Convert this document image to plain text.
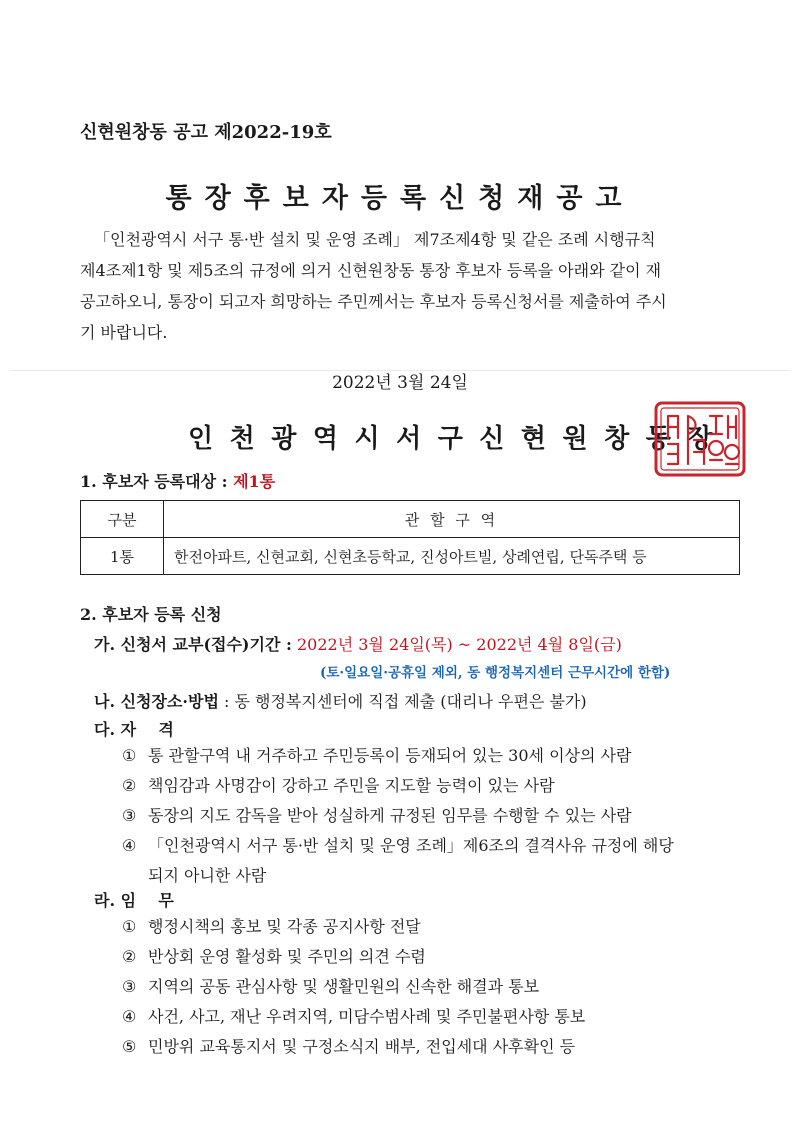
신현원창동 공고 제2022-19호
통장후보자등록신청재공고

「인천광역시 서구 통·반 설치 및 운영 조례」 제7조제4항 및 같은 조례 시행규칙

제4조제1항 및 제5조의 규정에 의거 신현원창동 통장 후보자 등록을 아래와 같이 재

공고하오니, 통장이 되고자 희망하는 주민께서는 후보자 등록신청서를 제출하여 주시

기 바랍니다.

2022년 3월 24일
인천광역시서구신현원창동장
1. 후보자 등록대상 : 제1통
구분	관 할 구 역
1통	한전아파트, 신현교회, 신현초등학교, 진성아트빌, 상례연립, 단독주택 등
2. 후보자 등록 신청
가. 신청서 교부(접수)기간 : 2022년 3월 24일(목) ~ 2022년 4월 8일(금)
(토·일요일·공휴일 제외, 동 행정복지센터 근무시간에 한함)
나. 신청장소·방법 : 동 행정복지센터에 직접 제출 (대리나 우편은 불가)
다. 자    격
① 통 관할구역 내 거주하고 주민등록이 등재되어 있는 30세 이상의 사람
② 책임감과 사명감이 강하고 주민을 지도할 능력이 있는 사람
③ 동장의 지도 감독을 받아 성실하게 규정된 임무를 수행할 수 있는 사람
④ 「인천광역시 서구 통·반 설치 및 운영 조례」제6조의 결격사유 규정에 해당
되지 아니한 사람
라. 임    무
① 행정시책의 홍보 및 각종 공지사항 전달
② 반상회 운영 활성화 및 주민의 의견 수렴
③ 지역의 공동 관심사항 및 생활민원의 신속한 해결과 통보
④ 사건, 사고, 재난 우려지역, 미담수범사례 및 주민불편사항 통보
⑤ 민방위 교육통지서 및 구정소식지 배부, 전입세대 사후확인 등
